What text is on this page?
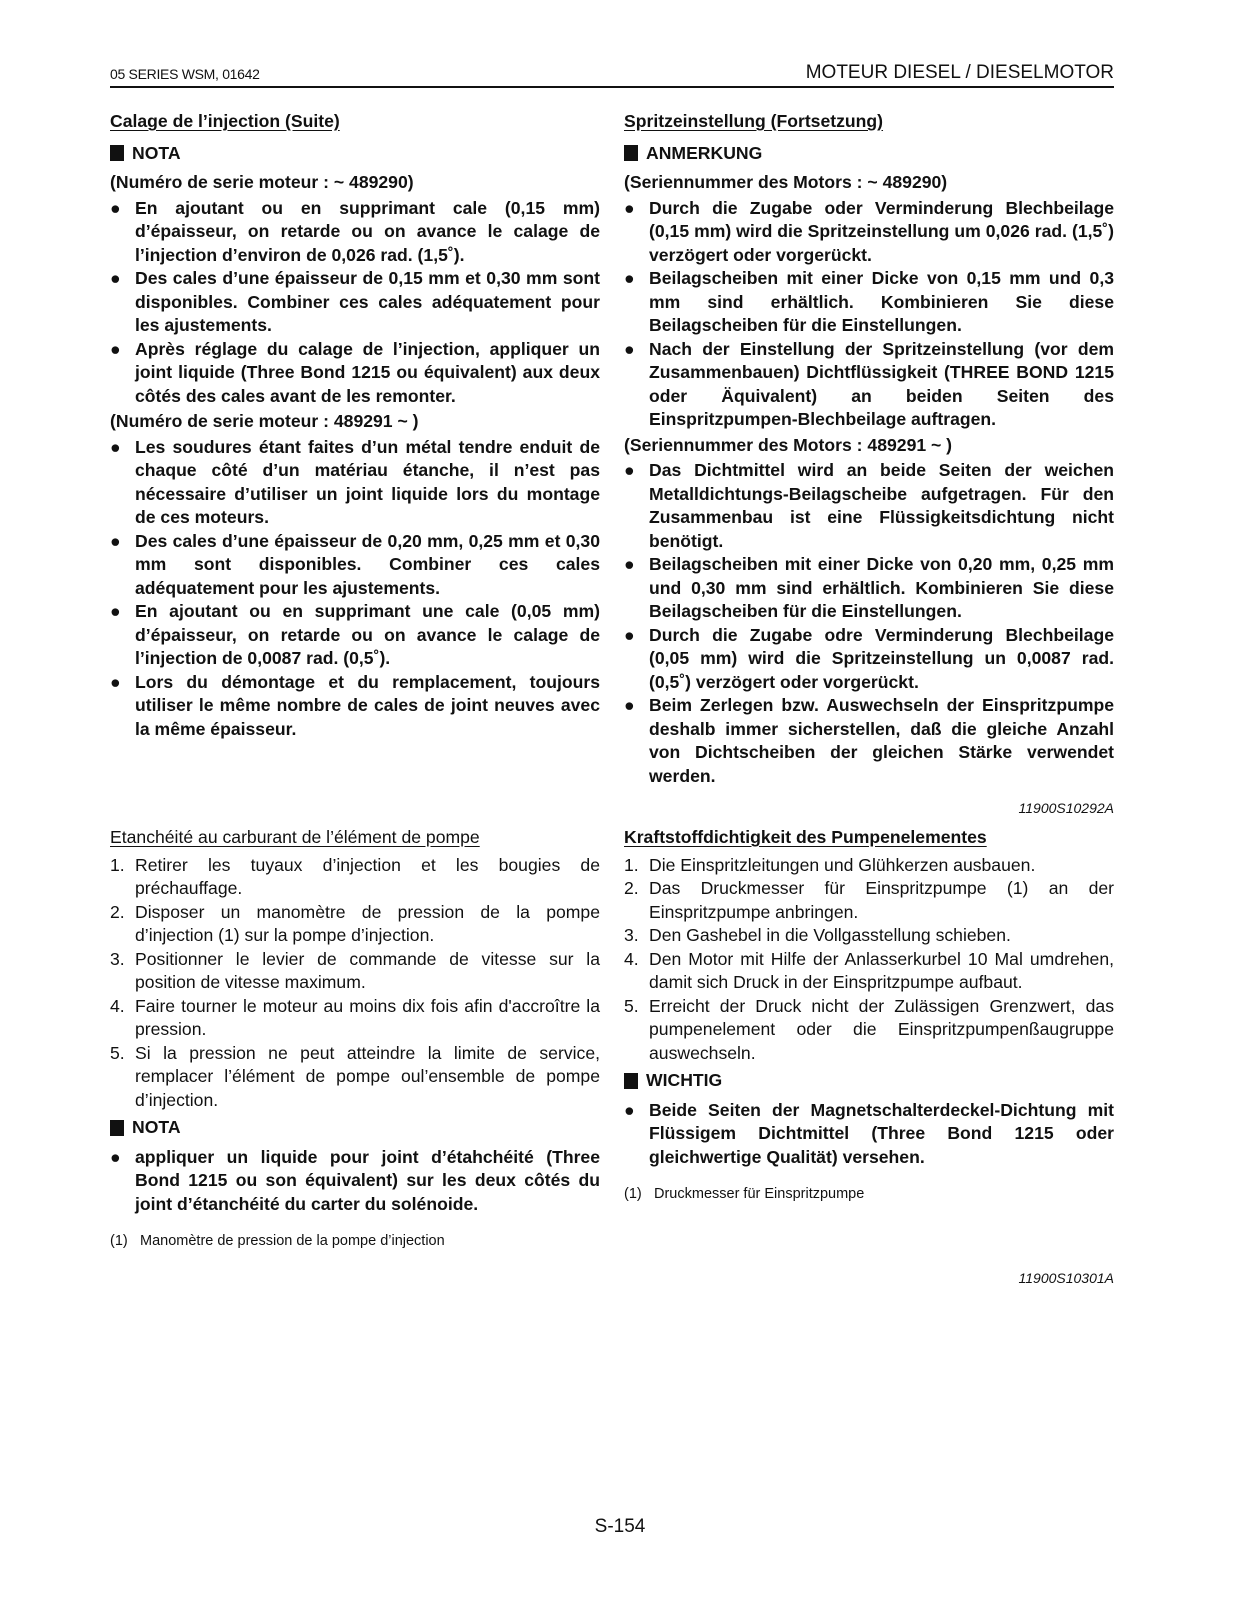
05 SERIES WSM, 01642	MOTEUR DIESEL / DIESELMOTOR
Calage de l’injection (Suite)
NOTA
(Numéro de serie moteur : ~ 489290)
● En ajoutant ou en supprimant cale (0,15 mm) d’épaisseur, on retarde ou on avance le calage de l’injection d’environ de 0,026 rad. (1,5˚).
● Des cales d’une épaisseur de 0,15 mm et 0,30 mm sont disponibles. Combiner ces cales adéquatement pour les ajustements.
● Après réglage du calage de l’injection, appliquer un joint liquide (Three Bond 1215 ou équivalent) aux deux côtés des cales avant de les remonter.
(Numéro de serie moteur : 489291 ~ )
● Les soudures étant faites d’un métal tendre enduit de chaque côté d’un matériau étanche, il n’est pas nécessaire d’utiliser un joint liquide lors du montage de ces moteurs.
● Des cales d’une épaisseur de 0,20 mm, 0,25 mm et 0,30 mm sont disponibles. Combiner ces cales adéquatement pour les ajustements.
● En ajoutant ou en supprimant une cale (0,05 mm) d’épaisseur, on retarde ou on avance le calage de l’injection de 0,0087 rad. (0,5˚).
● Lors du démontage et du remplacement, toujours utiliser le même nombre de cales de joint neuves avec la même épaisseur.
Spritzeinstellung (Fortsetzung)
ANMERKUNG
(Seriennummer des Motors : ~ 489290)
● Durch die Zugabe oder Verminderung Blechbeilage (0,15 mm) wird die Spritzeinstellung um 0,026 rad. (1,5˚) verzögert oder vorgerückt.
● Beilagscheiben mit einer Dicke von 0,15 mm und 0,3 mm sind erhältlich. Kombinieren Sie diese Beilagscheiben für die Einstellungen.
● Nach der Einstellung der Spritzeinstellung (vor dem Zusammenbauen) Dichtflüssigkeit (THREE BOND 1215 oder Äquivalent) an beiden Seiten des Einspritzpumpen-Blechbeilage auftragen.
(Seriennummer des Motors : 489291 ~ )
● Das Dichtmittel wird an beide Seiten der weichen Metalldichtungs-Beilagscheibe aufgetragen. Für den Zusammenbau ist eine Flüssigkeitsdichtung nicht benötigt.
● Beilagscheiben mit einer Dicke von 0,20 mm, 0,25 mm und 0,30 mm sind erhältlich. Kombinieren Sie diese Beilagscheiben für die Einstellungen.
● Durch die Zugabe odre Verminderung Blechbeilage (0,05 mm) wird die Spritzeinstellung un 0,0087 rad. (0,5˚) verzögert oder vorgerückt.
● Beim Zerlegen bzw. Auswechseln der Einspritzpumpe deshalb immer sicherstellen, daß die gleiche Anzahl von Dichtscheiben der gleichen Stärke verwendet werden.
11900S10292A
Etanchéité au carburant de l’élément de pompe
1. Retirer les tuyaux d’injection et les bougies de préchauffage.
2. Disposer un manomètre de pression de la pompe d’injection (1) sur la pompe d’injection.
3. Positionner le levier de commande de vitesse sur la position de vitesse maximum.
4. Faire tourner le moteur au moins dix fois afin d'accroître la pression.
5. Si la pression ne peut atteindre la limite de service, remplacer l’élément de pompe oul’ensemble de pompe d’injection.
NOTA
● appliquer un liquide pour joint d’étahchéité (Three Bond 1215 ou son équivalent) sur les deux côtés du joint d’étanchéité du carter du solénoide.
(1) Manomètre de pression de la pompe d’injection
Kraftstoffdichtigkeit des Pumpenelementes
1. Die Einspritzleitungen und Glühkerzen ausbauen.
2. Das Druckmesser für Einspritzpumpe (1) an der Einspritzpumpe anbringen.
3. Den Gashebel in die Vollgasstellung schieben.
4. Den Motor mit Hilfe der Anlasserkurbel 10 Mal umdrehen, damit sich Druck in der Einspritzpumpe aufbaut.
5. Erreicht der Druck nicht der Zulässigen Grenzwert, das pumpenelement oder die Einspritzpumpenßaugruppe auswechseln.
WICHTIG
● Beide Seiten der Magnetschalterdeckel-Dichtung mit Flüssigem Dichtmittel (Three Bond 1215 oder gleichwertige Qualität) versehen.
(1) Druckmesser für Einspritzpumpe
11900S10301A
S-154
